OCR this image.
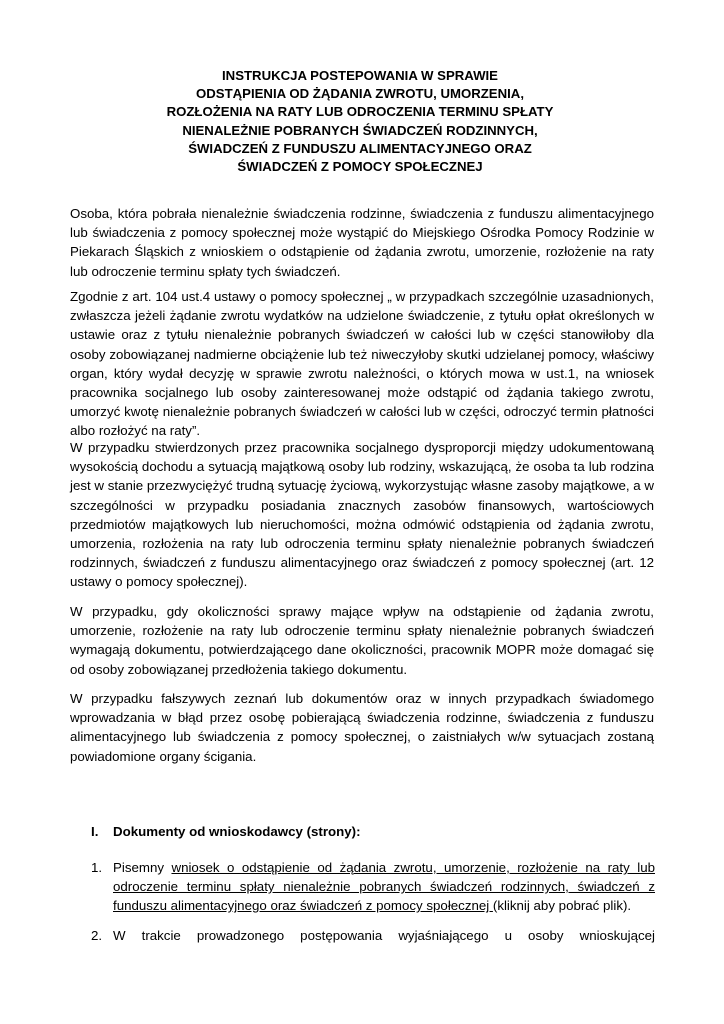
INSTRUKCJA POSTEPOWANIA W SPRAWIE
ODSTĄPIENIA OD ŻĄDANIA ZWROTU, UMORZENIA,
ROZŁOŻENIA NA RATY LUB ODROCZENIA TERMINU SPŁATY
NIENALEŻNIE POBRANYCH ŚWIADCZEŃ RODZINNYCH,
ŚWIADCZEŃ Z FUNDUSZU ALIMENTACYJNEGO ORAZ
ŚWIADCZEŃ Z POMOCY SPOŁECZNEJ
Osoba, która pobrała nienależnie świadczenia rodzinne, świadczenia z funduszu alimentacyjnego lub świadczenia z pomocy społecznej może wystąpić do Miejskiego Ośrodka Pomocy Rodzinie w Piekarach Śląskich z wnioskiem o odstąpienie od żądania zwrotu, umorzenie, rozłożenie na raty lub odroczenie terminu spłaty tych świadczeń.
Zgodnie z art. 104 ust.4 ustawy o pomocy społecznej „ w przypadkach szczególnie uzasadnionych, zwłaszcza jeżeli żądanie zwrotu wydatków na udzielone świadczenie, z tytułu opłat określonych w ustawie oraz z tytułu nienależnie pobranych świadczeń w całości lub w części stanowiłoby dla osoby zobowiązanej nadmierne obciążenie lub też niweczyłoby skutki udzielanej pomocy, właściwy organ, który wydał decyzję w sprawie zwrotu należności, o których mowa w ust.1, na wniosek pracownika socjalnego lub osoby zainteresowanej może odstąpić od żądania takiego zwrotu, umorzyć kwotę nienależnie pobranych świadczeń w całości lub w części, odroczyć termin płatności albo rozłożyć na raty”.
W przypadku stwierdzonych przez pracownika socjalnego dysproporcji między udokumentowaną wysokością dochodu a sytuacją majątkową osoby lub rodziny, wskazującą, że osoba ta lub rodzina jest w stanie przezwyciężyć trudną sytuację życiową, wykorzystując własne zasoby majątkowe, a w szczególności w przypadku posiadania znacznych zasobów finansowych, wartościowych przedmiotów majątkowych lub nieruchomości, można odmówić odstąpienia od żądania zwrotu, umorzenia, rozłożenia na raty lub odroczenia terminu spłaty nienależnie pobranych świadczeń rodzinnych, świadczeń z funduszu alimentacyjnego oraz świadczeń z pomocy społecznej (art. 12 ustawy o pomocy społecznej).
W przypadku, gdy okoliczności sprawy mające wpływ na odstąpienie od żądania zwrotu, umorzenie, rozłożenie na raty lub odroczenie terminu spłaty nienależnie pobranych świadczeń wymagają dokumentu, potwierdzającego dane okoliczności, pracownik MOPR może domagać się od osoby zobowiązanej przedłożenia takiego dokumentu.
W przypadku fałszywych zeznań lub dokumentów oraz w innych przypadkach świadomego wprowadzania w błąd przez osobę pobierającą świadczenia rodzinne, świadczenia z funduszu alimentacyjnego lub świadczenia z pomocy społecznej, o zaistniałych w/w sytuacjach zostaną powiadomione organy ścigania.
I. Dokumenty od wnioskodawcy (strony):
1. Pisemny wniosek o odstąpienie od żądania zwrotu, umorzenie, rozłożenie na raty lub odroczenie terminu spłaty nienależnie pobranych świadczeń rodzinnych, świadczeń z funduszu alimentacyjnego oraz świadczeń z pomocy społecznej (kliknij aby pobrać plik).
2. W trakcie prowadzonego postępowania wyjaśniającego u osoby wnioskującej
